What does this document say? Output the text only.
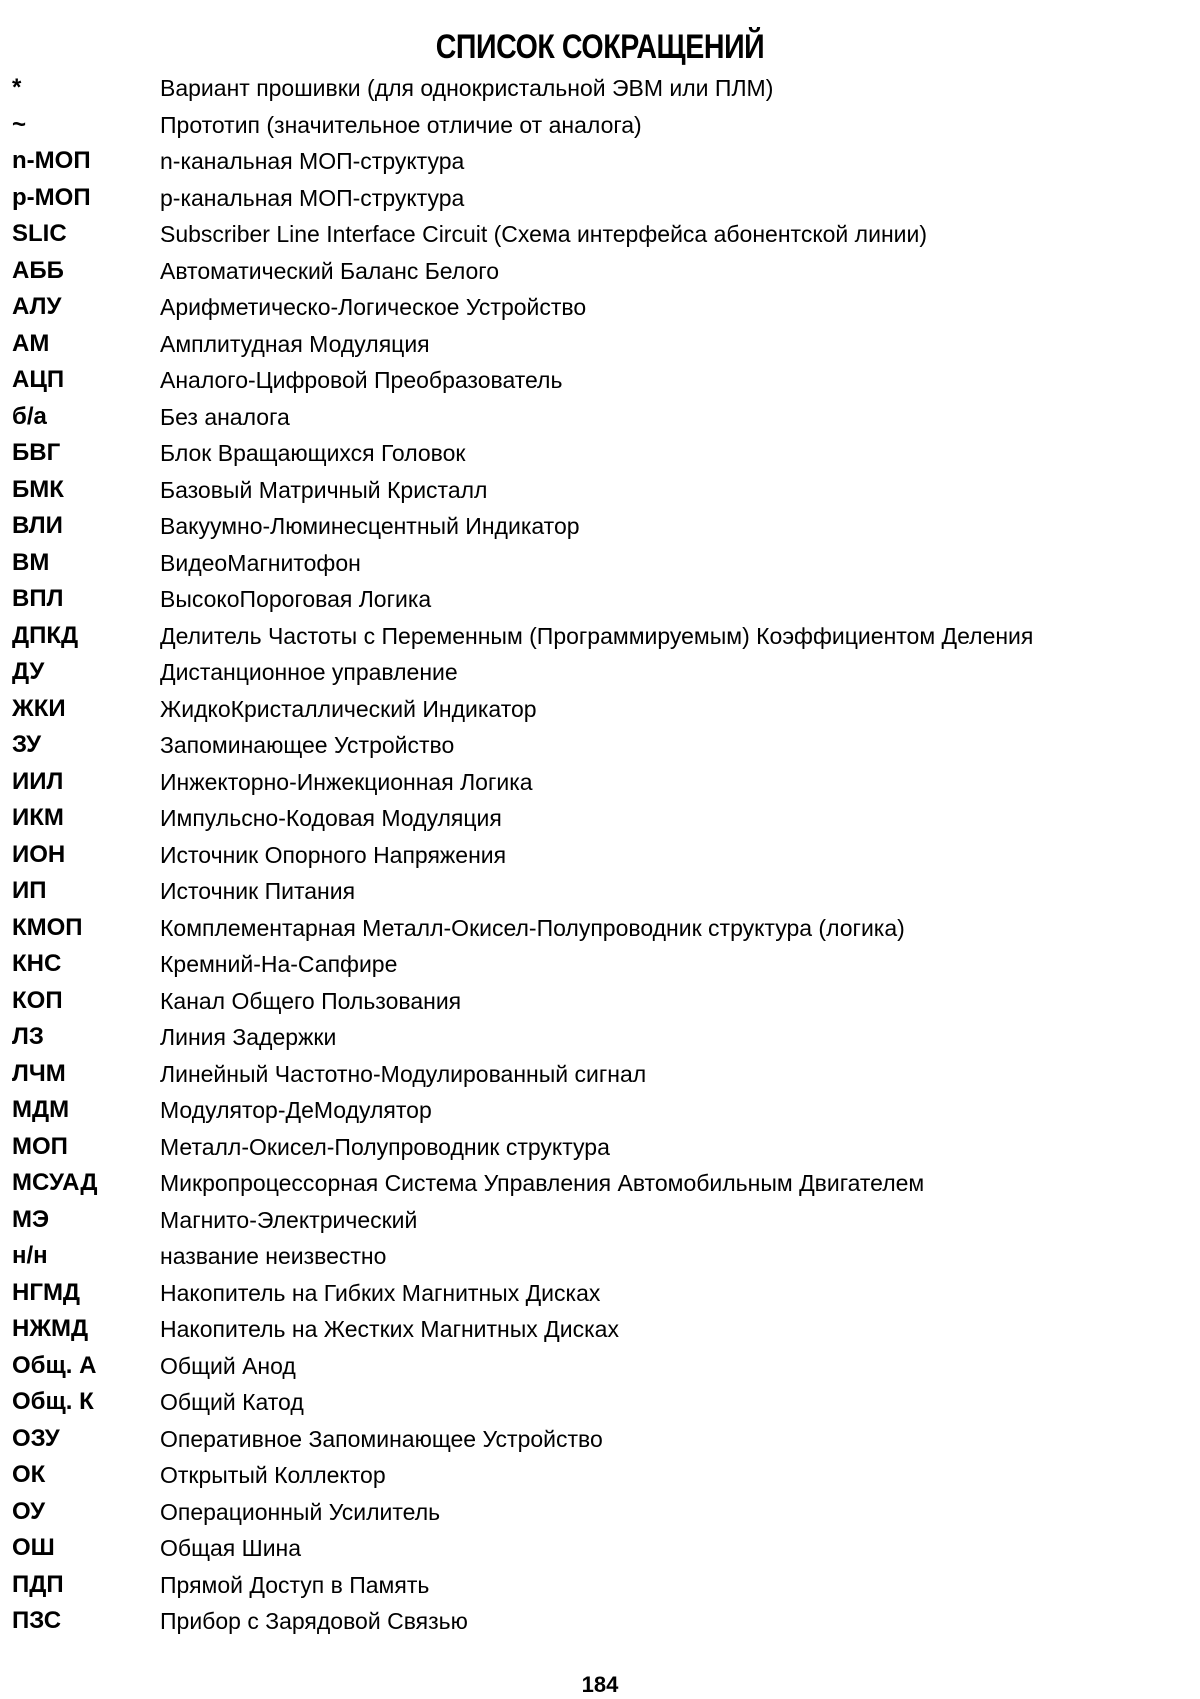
СПИСОК СОКРАЩЕНИЙ
*	Вариант прошивки (для однокристальной ЭВМ или ПЛМ)
~	Прототип (значительное отличие от аналога)
n-МОП	n-канальная МОП-структура
p-МОП	p-канальная МОП-структура
SLIC	Subscriber Line Interface Circuit (Схема интерфейса абонентской линии)
АББ	Автоматический Баланс Белого
АЛУ	Арифметическо-Логическое Устройство
АМ	Амплитудная Модуляция
АЦП	Аналого-Цифровой Преобразователь
б/а	Без аналога
БВГ	Блок Вращающихся Головок
БМК	Базовый Матричный Кристалл
ВЛИ	Вакуумно-Люминесцентный Индикатор
ВМ	ВидеоМагнитофон
ВПЛ	ВысокоПороговая Логика
ДПКД	Делитель Частоты с Переменным (Программируемым) Коэффициентом Деления
ДУ	Дистанционное управление
ЖКИ	ЖидкоКристаллический Индикатор
ЗУ	Запоминающее Устройство
ИИЛ	Инжекторно-Инжекционная Логика
ИКМ	Импульсно-Кодовая Модуляция
ИОН	Источник Опорного Напряжения
ИП	Источник Питания
КМОП	Комплементарная Металл-Окисел-Полупроводник структура (логика)
КНС	Кремний-На-Сапфире
КОП	Канал Общего Пользования
ЛЗ	Линия Задержки
ЛЧМ	Линейный Частотно-Модулированный сигнал
МДМ	Модулятор-ДеМодулятор
МОП	Металл-Окисел-Полупроводник структура
МСУАД	Микропроцессорная Система Управления Автомобильным Двигателем
МЭ	Магнито-Электрический
н/н	название неизвестно
НГМД	Накопитель на Гибких Магнитных Дисках
НЖМД	Накопитель на Жестких Магнитных Дисках
Общ. А	Общий Анод
Общ. К	Общий Катод
ОЗУ	Оперативное Запоминающее Устройство
ОК	Открытый Коллектор
ОУ	Операционный Усилитель
ОШ	Общая Шина
ПДП	Прямой Доступ в Память
ПЗС	Прибор с Зарядовой Связью
184
